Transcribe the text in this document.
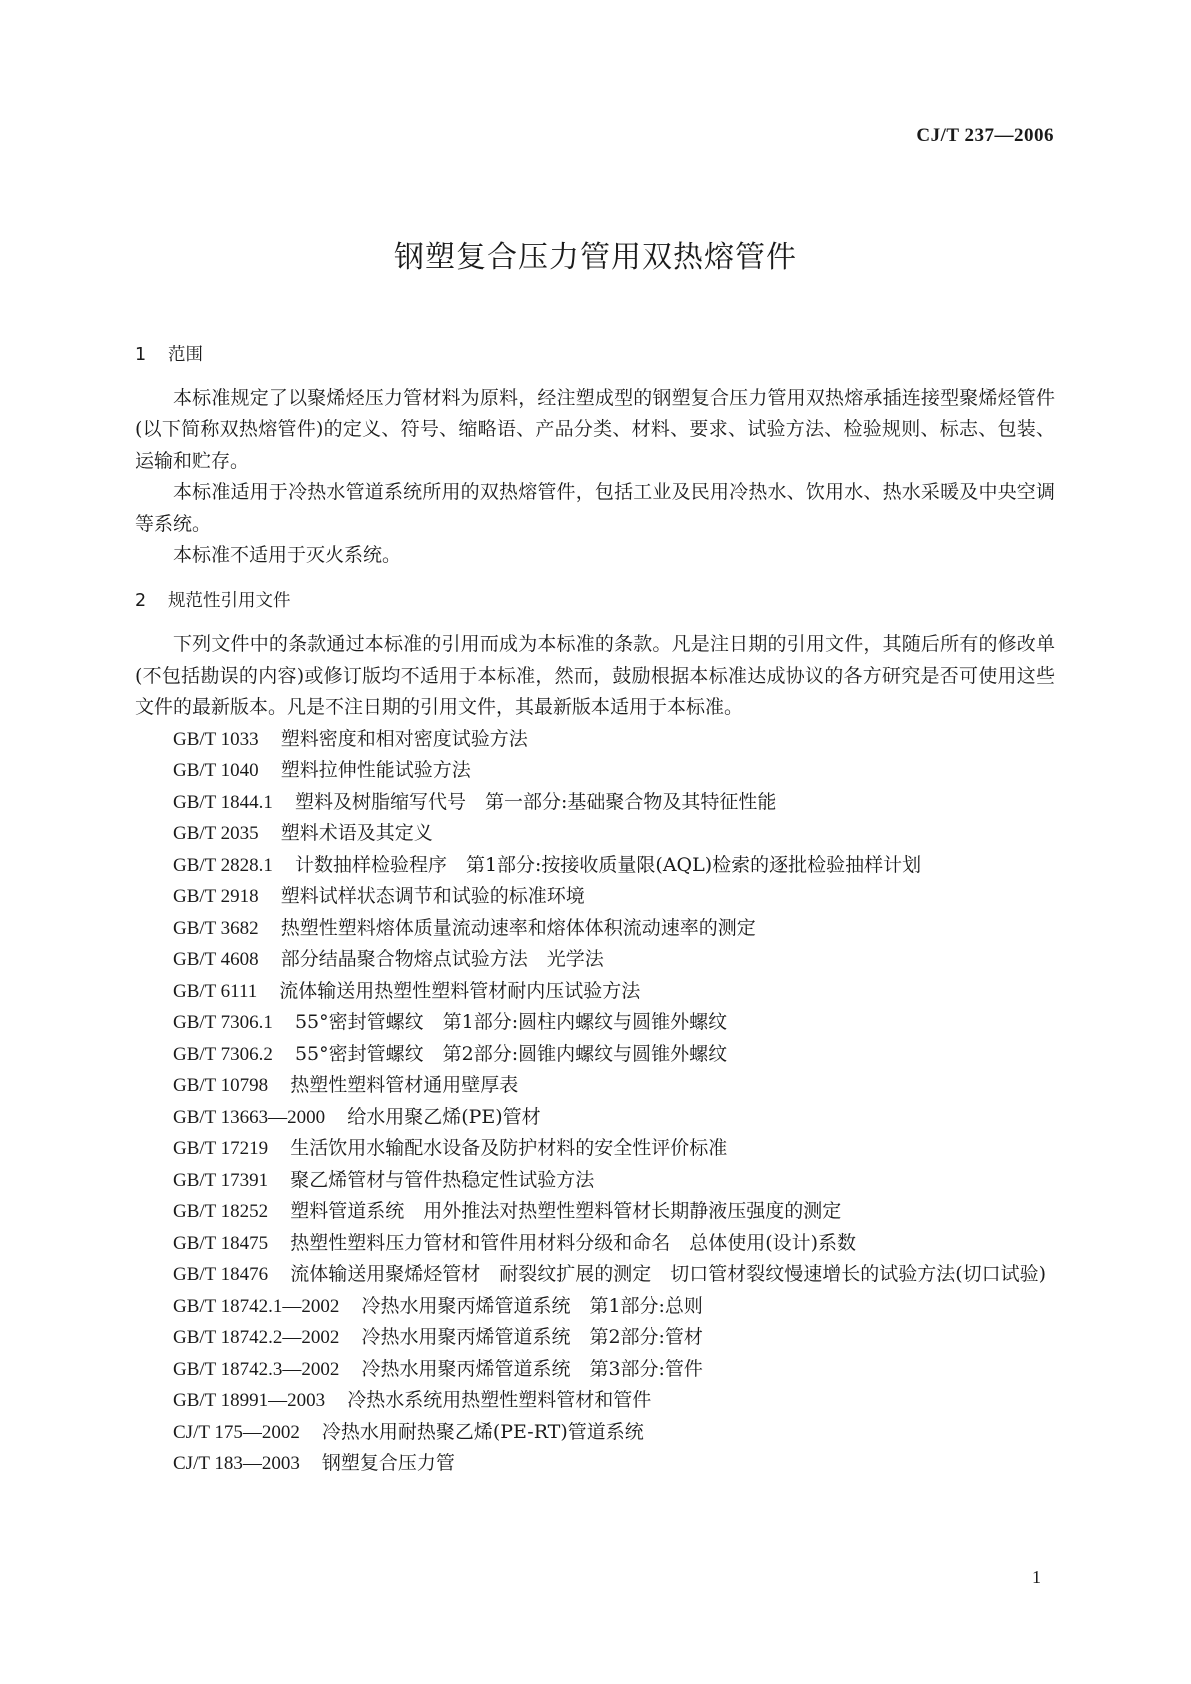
CJ/T 237—2006
钢塑复合压力管用双热熔管件
1 范围

本标准规定了以聚烯烃压力管材料为原料，经注塑成型的钢塑复合压力管用双热熔承插连接型聚烯烃管件(以下简称双热熔管件)的定义、符号、缩略语、产品分类、材料、要求、试验方法、检验规则、标志、包装、运输和贮存。

本标准适用于冷热水管道系统所用的双热熔管件，包括工业及民用冷热水、饮用水、热水采暖及中央空调等系统。

本标准不适用于灭火系统。

2 规范性引用文件

下列文件中的条款通过本标准的引用而成为本标准的条款。凡是注日期的引用文件，其随后所有的修改单(不包括勘误的内容)或修订版均不适用于本标准，然而，鼓励根据本标准达成协议的各方研究是否可使用这些文件的最新版本。凡是不注日期的引用文件，其最新版本适用于本标准。

GB/T 1033 塑料密度和相对密度试验方法
GB/T 1040 塑料拉伸性能试验方法
GB/T 1844.1 塑料及树脂缩写代号　第一部分:基础聚合物及其特征性能
GB/T 2035 塑料术语及其定义
GB/T 2828.1 计数抽样检验程序　第1部分:按接收质量限(AQL)检索的逐批检验抽样计划
GB/T 2918 塑料试样状态调节和试验的标准环境
GB/T 3682 热塑性塑料熔体质量流动速率和熔体体积流动速率的测定
GB/T 4608 部分结晶聚合物熔点试验方法　光学法
GB/T 6111 流体输送用热塑性塑料管材耐内压试验方法
GB/T 7306.1 55°密封管螺纹　第1部分:圆柱内螺纹与圆锥外螺纹
GB/T 7306.2 55°密封管螺纹　第2部分:圆锥内螺纹与圆锥外螺纹
GB/T 10798 热塑性塑料管材通用壁厚表
GB/T 13663—2000 给水用聚乙烯(PE)管材
GB/T 17219 生活饮用水输配水设备及防护材料的安全性评价标准
GB/T 17391 聚乙烯管材与管件热稳定性试验方法
GB/T 18252 塑料管道系统　用外推法对热塑性塑料管材长期静液压强度的测定
GB/T 18475 热塑性塑料压力管材和管件用材料分级和命名　总体使用(设计)系数
GB/T 18476 流体输送用聚烯烃管材　耐裂纹扩展的测定　切口管材裂纹慢速增长的试验方法(切口试验)
GB/T 18742.1—2002 冷热水用聚丙烯管道系统　第1部分:总则
GB/T 18742.2—2002 冷热水用聚丙烯管道系统　第2部分:管材
GB/T 18742.3—2002 冷热水用聚丙烯管道系统　第3部分:管件
GB/T 18991—2003 冷热水系统用热塑性塑料管材和管件
CJ/T 175—2002 冷热水用耐热聚乙烯(PE-RT)管道系统
CJ/T 183—2003 钢塑复合压力管
1
